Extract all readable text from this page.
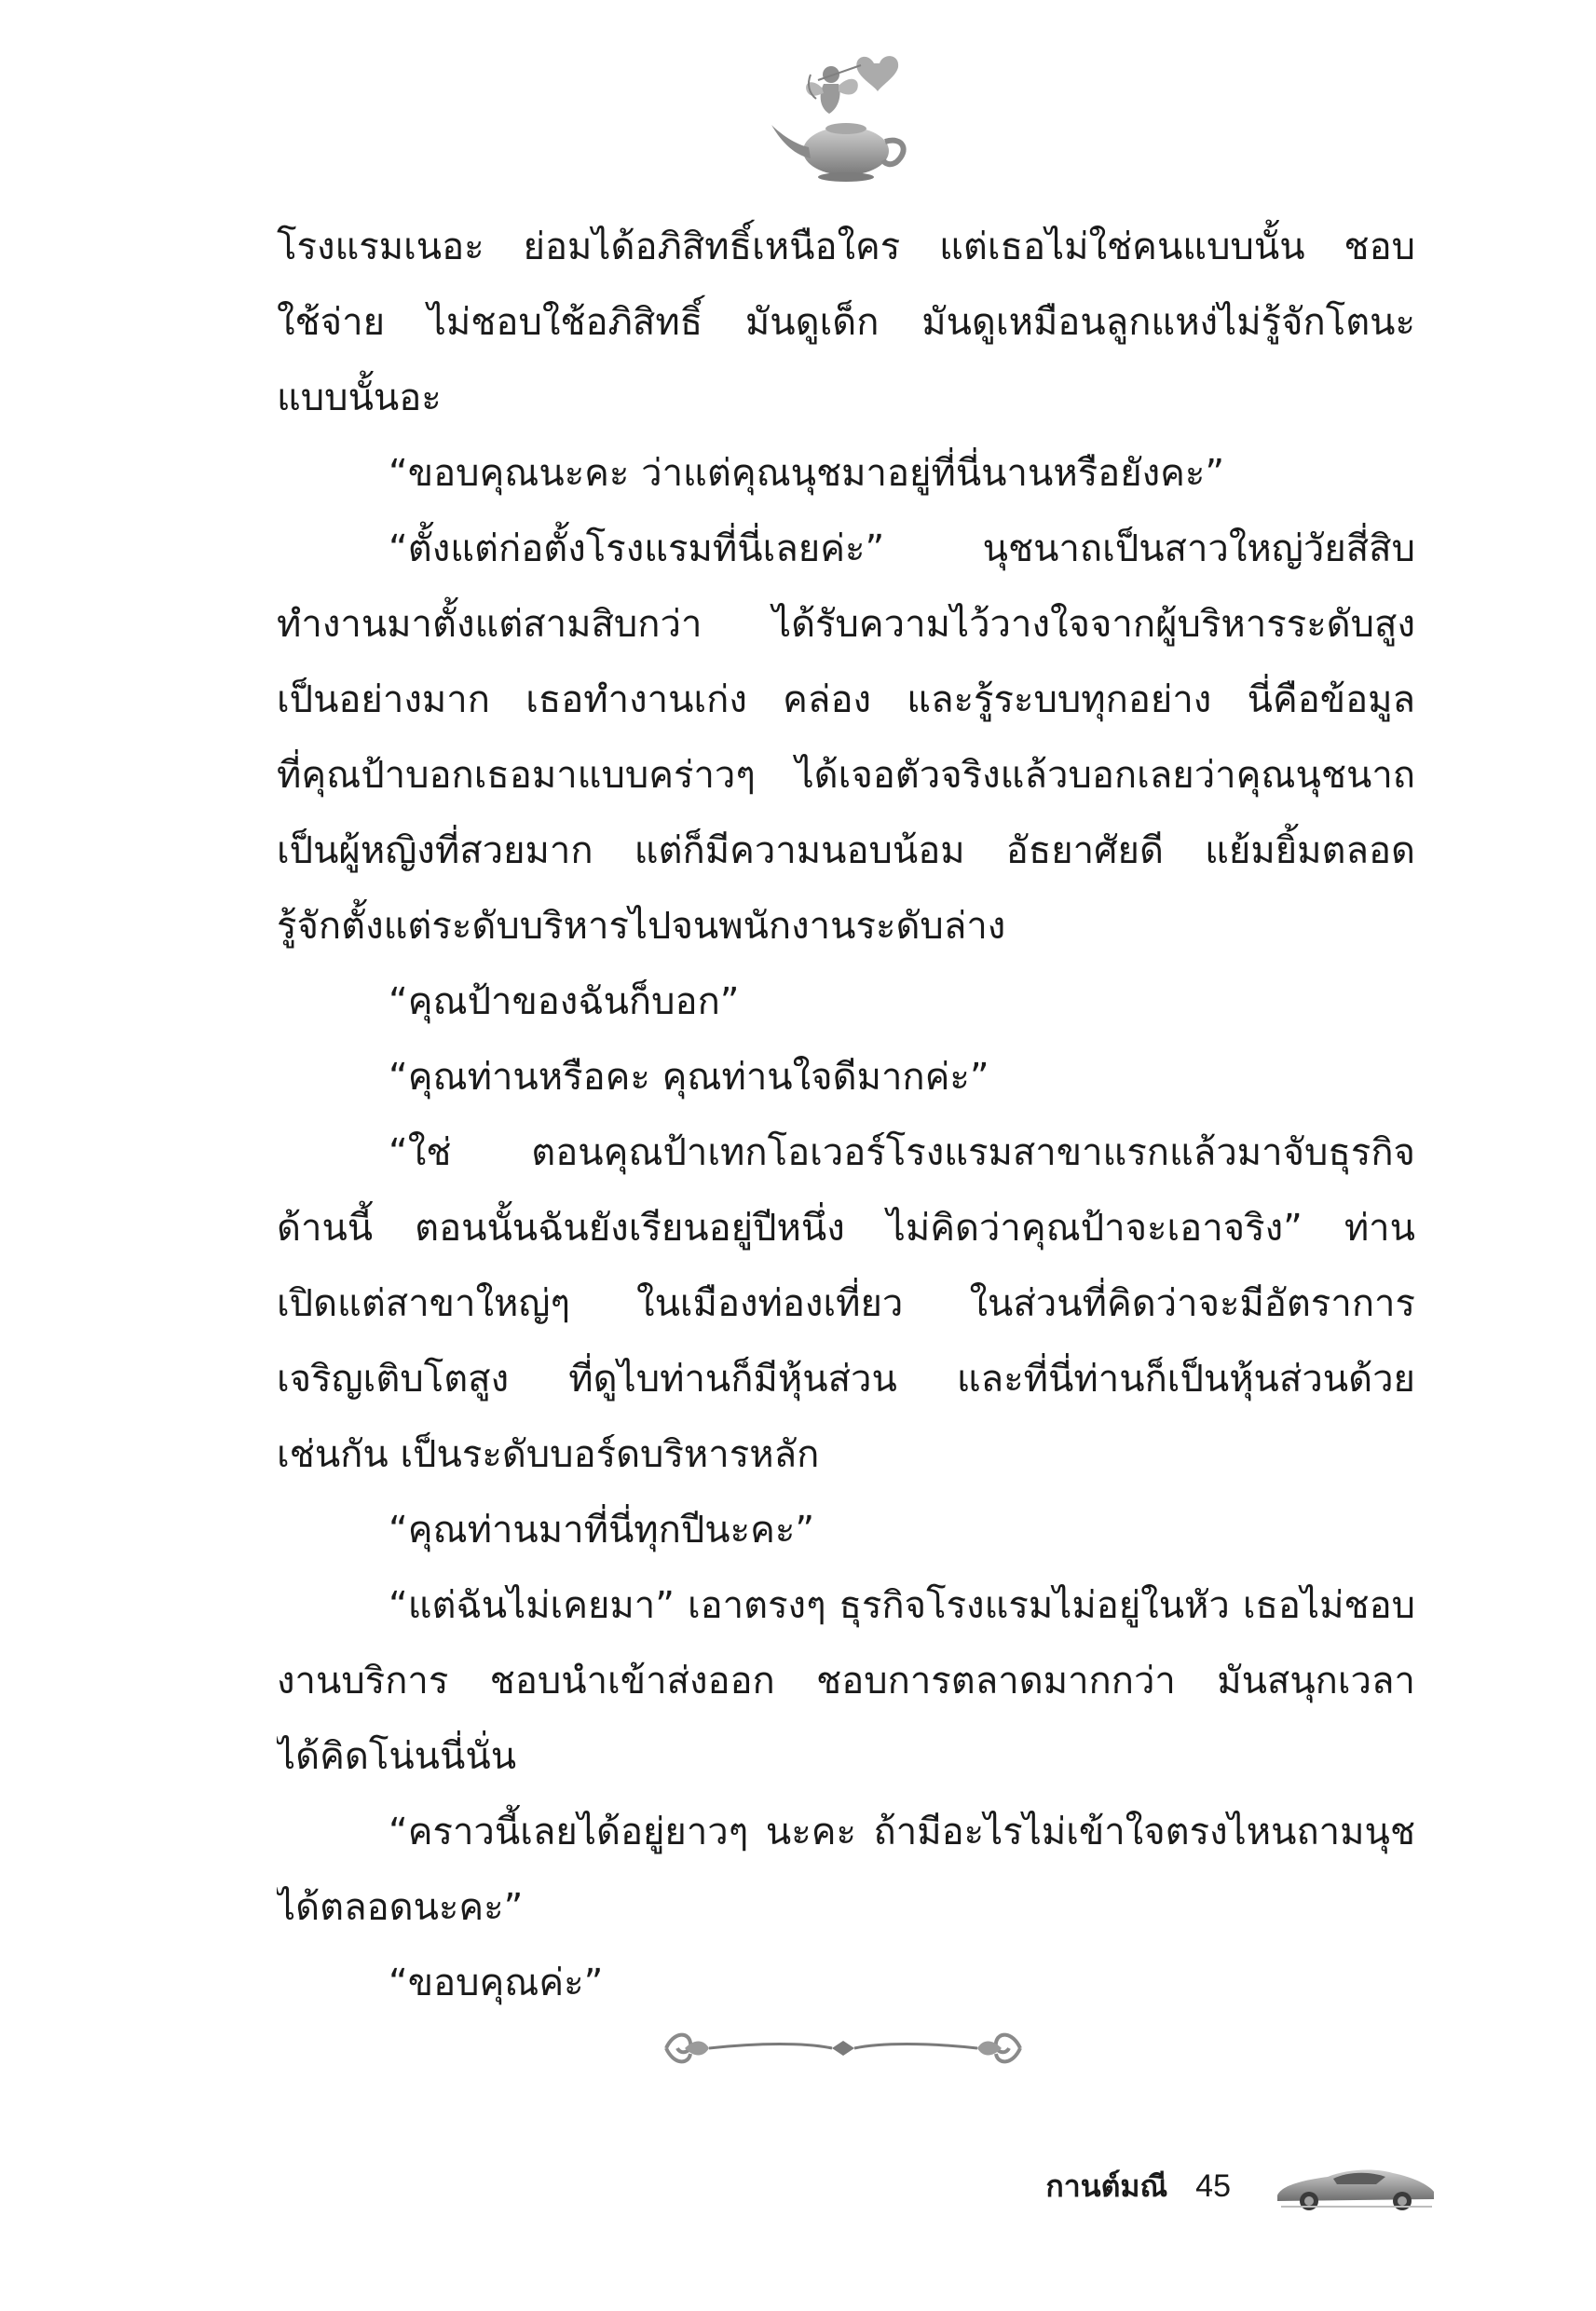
โรงแรมเนอะ ย่อมได้อภิสิทธิ์เหนือใคร แต่เธอไม่ใช่คนแบบนั้น ชอบ
ใช้จ่าย ไม่ชอบใช้อภิสิทธิ์ มันดูเด็ก มันดูเหมือนลูกแหง่ไม่รู้จักโตนะ
แบบนั้นอะ
“ขอบคุณนะคะ ว่าแต่คุณนุชมาอยู่ที่นี่นานหรือยังคะ”
“ตั้งแต่ก่อตั้งโรงแรมที่นี่เลยค่ะ” นุชนาถเป็นสาวใหญ่วัยสี่สิบ
ทำงานมาตั้งแต่สามสิบกว่า ได้รับความไว้วางใจจากผู้บริหารระดับสูง
เป็นอย่างมาก เธอทำงานเก่ง คล่อง และรู้ระบบทุกอย่าง นี่คือข้อมูล
ที่คุณป้าบอกเธอมาแบบคร่าวๆ ได้เจอตัวจริงแล้วบอกเลยว่าคุณนุชนาถ
เป็นผู้หญิงที่สวยมาก แต่ก็มีความนอบน้อม อัธยาศัยดี แย้มยิ้มตลอด
รู้จักตั้งแต่ระดับบริหารไปจนพนักงานระดับล่าง
“คุณป้าของฉันก็บอก”
“คุณท่านหรือคะ คุณท่านใจดีมากค่ะ”
“ใช่ ตอนคุณป้าเทกโอเวอร์โรงแรมสาขาแรกแล้วมาจับธุรกิจ
ด้านนี้ ตอนนั้นฉันยังเรียนอยู่ปีหนึ่ง ไม่คิดว่าคุณป้าจะเอาจริง” ท่าน
เปิดแต่สาขาใหญ่ๆ ในเมืองท่องเที่ยว ในส่วนที่คิดว่าจะมีอัตราการ
เจริญเติบโตสูง ที่ดูไบท่านก็มีหุ้นส่วน และที่นี่ท่านก็เป็นหุ้นส่วนด้วย
เช่นกัน เป็นระดับบอร์ดบริหารหลัก
“คุณท่านมาที่นี่ทุกปีนะคะ”
“แต่ฉันไม่เคยมา” เอาตรงๆ ธุรกิจโรงแรมไม่อยู่ในหัว เธอไม่ชอบ
งานบริการ ชอบนำเข้าส่งออก ชอบการตลาดมากกว่า มันสนุกเวลา
ได้คิดโน่นนี่นั่น
“คราวนี้เลยได้อยู่ยาวๆ นะคะ ถ้ามีอะไรไม่เข้าใจตรงไหนถามนุช
ได้ตลอดนะคะ”
“ขอบคุณค่ะ”
กานต์มณี 45
